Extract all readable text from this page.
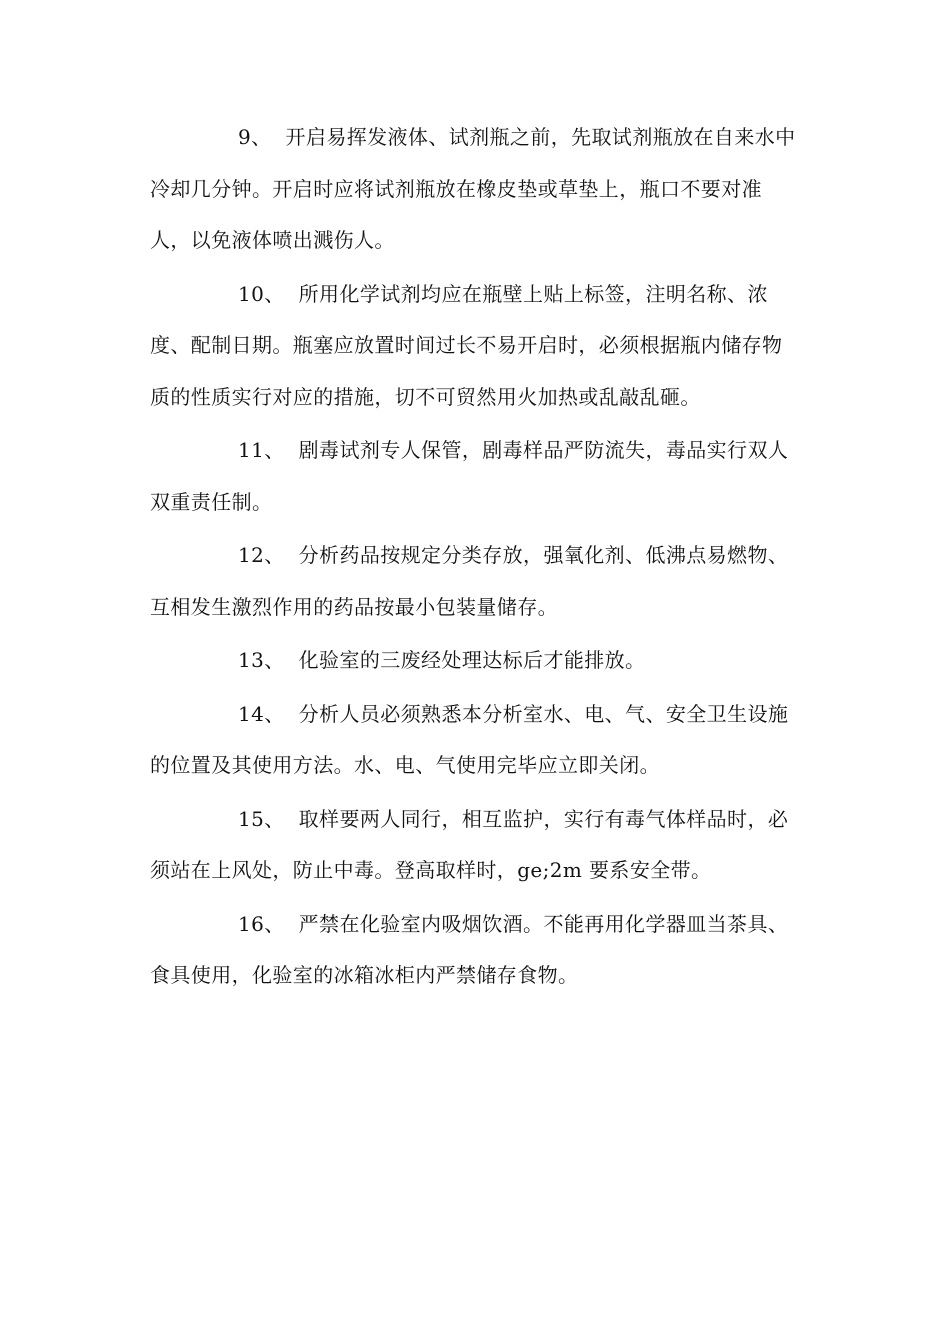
9、 开启易挥发液体、试剂瓶之前，先取试剂瓶放在自来水中冷却几分钟。开启时应将试剂瓶放在橡皮垫或草垫上，瓶口不要对准人，以免液体喷出溅伤人。

10、 所用化学试剂均应在瓶壁上贴上标签，注明名称、浓度、配制日期。瓶塞应放置时间过长不易开启时，必须根据瓶内储存物质的性质实行对应的措施，切不可贸然用火加热或乱敲乱砸。

11、 剧毒试剂专人保管，剧毒样品严防流失，毒品实行双人双重责任制。

12、 分析药品按规定分类存放，强氧化剂、低沸点易燃物、互相发生激烈作用的药品按最小包装量储存。

13、 化验室的三废经处理达标后才能排放。

14、 分析人员必须熟悉本分析室水、电、气、安全卫生设施的位置及其使用方法。水、电、气使用完毕应立即关闭。

15、 取样要两人同行，相互监护，实行有毒气体样品时，必须站在上风处，防止中毒。登高取样时，ge;2m 要系安全带。

16、 严禁在化验室内吸烟饮酒。不能再用化学器皿当茶具、食具使用，化验室的冰箱冰柜内严禁储存食物。
